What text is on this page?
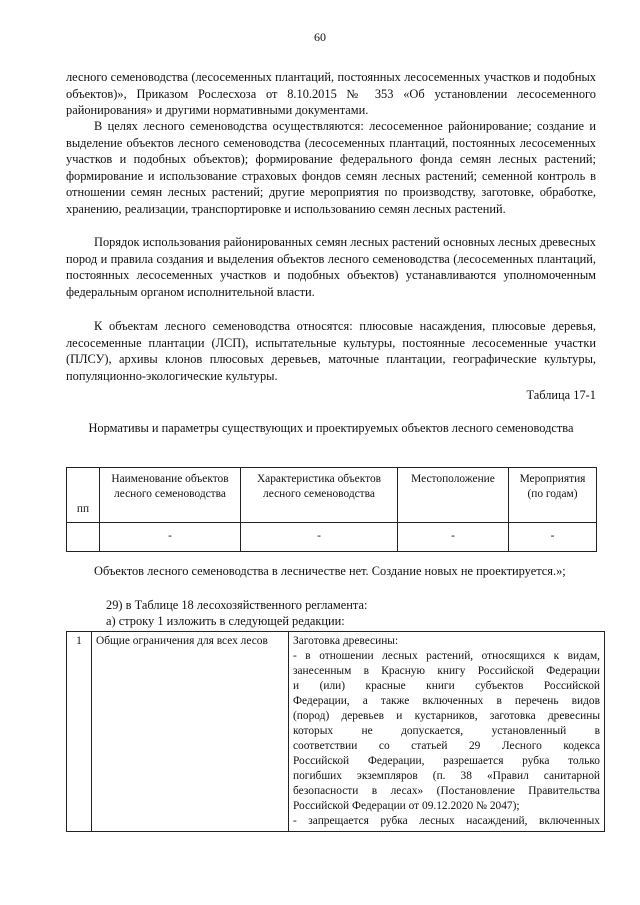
60

лесного семеноводства (лесосеменных плантаций, постоянных лесосеменных участков и подобных объектов)», Приказом Рослесхоза от 8.10.2015 № 353 «Об установлении лесосеменного районирования» и другими нормативными документами.

В целях лесного семеноводства осуществляются: лесосеменное районирование; создание и выделение объектов лесного семеноводства (лесосеменных плантаций, постоянных лесосеменных участков и подобных объектов); формирование федерального фонда семян лесных растений; формирование и использование страховых фондов семян лесных растений; семенной контроль в отношении семян лесных растений; другие мероприятия по производству, заготовке, обработке, хранению, реализации, транспортировке и использованию семян лесных растений.

Порядок использования районированных семян лесных растений основных лесных древесных пород и правила создания и выделения объектов лесного семеноводства (лесосеменных плантаций, постоянных лесосеменных участков и подобных объектов) устанавливаются уполномоченным федеральным органом исполнительной власти.

К объектам лесного семеноводства относятся: плюсовые насаждения, плюсовые деревья, лесосеменные плантации (ЛСП), испытательные культуры, постоянные лесосеменные участки (ПЛСУ), архивы клонов плюсовых деревьев, маточные плантации, географические культуры, популяционно-экологические культуры.

Таблица 17-1
Нормативы и параметры существующих и проектируемых объектов лесного семеноводства
пп	Наименование объектов лесного семеноводства	Характеристика объектов лесного семеноводства	Местоположение	Мероприятия (по годам)
	-	-	-	-

Объектов лесного семеноводства в лесничестве нет. Создание новых не проектируется.»;

29) в Таблице 18 лесохозяйственного регламента:
а) строку 1 изложить в следующей редакции:
1	Общие ограничения для всех лесов	Заготовка древесины:
- в отношении лесных растений, относящихся к видам,
занесенным в Красную книгу Российской Федерации
и (или) красные книги субъектов Российской
Федерации, а также включенных в перечень видов
(пород) деревьев и кустарников, заготовка древесины
которых не допускается, установленный в
соответствии со статьей 29 Лесного кодекса
Российской Федерации, разрешается рубка только
погибших экземпляров (п. 38 «Правил санитарной
безопасности в лесах» (Постановление Правительства
Российской Федерации от 09.12.2020 № 2047);
- запрещается рубка лесных насаждений, включенных
